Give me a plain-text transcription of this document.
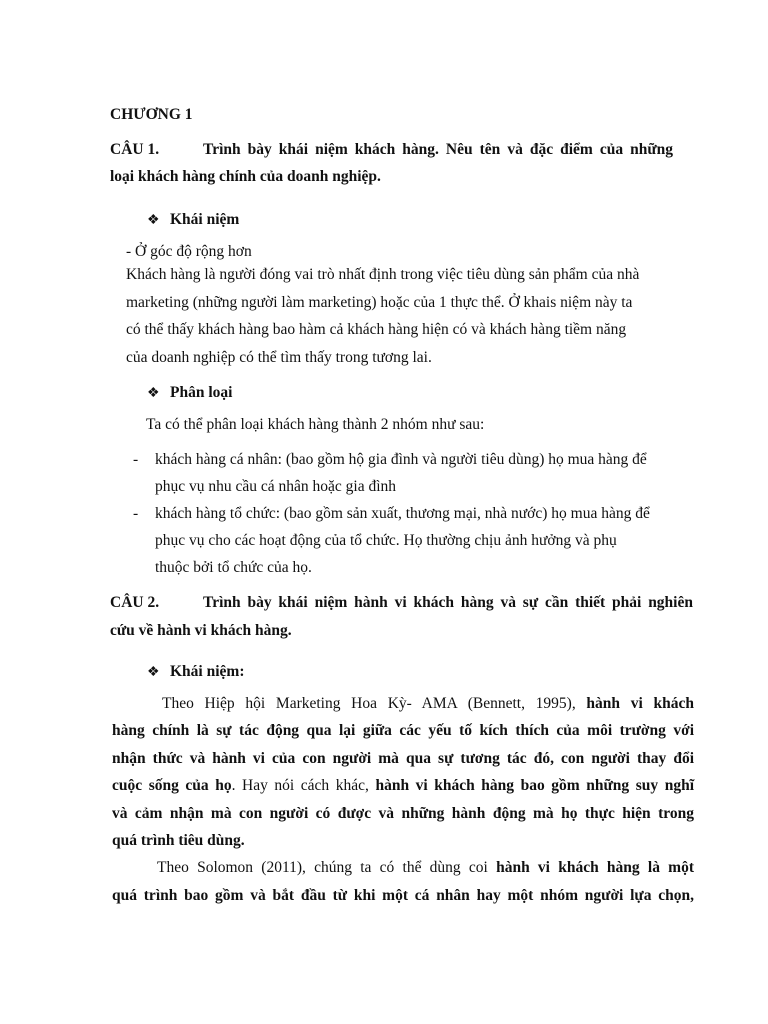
CHƯƠNG 1
CÂU 1.	Trình bày khái niệm khách hàng. Nêu tên và đặc điểm của những
loại khách hàng chính của doanh nghiệp.
❖ Khái niệm
- Ở góc độ rộng hơn
Khách hàng là người đóng vai trò nhất định trong việc tiêu dùng sản phẩm của nhà
marketing (những người làm marketing) hoặc của 1 thực thể. Ở khais niệm này ta
có thể thấy khách hàng bao hàm cả khách hàng hiện có và khách hàng tiềm năng
của doanh nghiệp có thể tìm thấy trong tương lai.
❖ Phân loại
Ta có thể phân loại khách hàng thành 2 nhóm như sau:
- khách hàng cá nhân: (bao gồm hộ gia đình và người tiêu dùng) họ mua hàng để
phục vụ nhu cầu cá nhân hoặc gia đình
- khách hàng tổ chức: (bao gồm sản xuất, thương mại, nhà nước) họ mua hàng để
phục vụ cho các hoạt động của tổ chức. Họ thường chịu ảnh hưởng và phụ
thuộc bởi tổ chức của họ.
CÂU 2.	Trình bày khái niệm hành vi khách hàng và sự cần thiết phải nghiên
cứu về hành vi khách hàng.
❖ Khái niệm:
Theo Hiệp hội Marketing Hoa Kỳ- AMA (Bennett, 1995), hành vi khách
hàng chính là sự tác động qua lại giữa các yếu tố kích thích của môi trường với
nhận thức và hành vi của con người mà qua sự tương tác đó, con người thay đổi
cuộc sống của họ. Hay nói cách khác, hành vi khách hàng bao gồm những suy nghĩ
và cảm nhận mà con người có được và những hành động mà họ thực hiện trong
quá trình tiêu dùng.
Theo Solomon (2011), chúng ta có thể dùng coi hành vi khách hàng là một
quá trình bao gồm và bắt đầu từ khi một cá nhân hay một nhóm người lựa chọn,
